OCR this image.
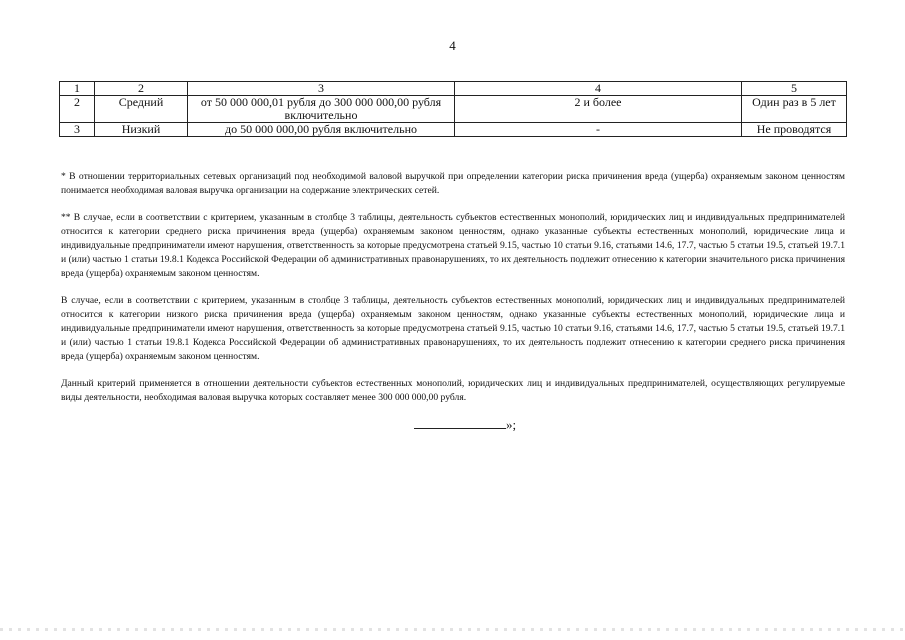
4
1	2	3	4	5
2	Средний	от 50 000 000,01 рубля до 300 000 000,00 рубля включительно	2 и более	Один раз в 5 лет
3	Низкий	до 50 000 000,00 рубля включительно	-	Не проводятся

* В отношении территориальных сетевых организаций под необходимой валовой выручкой при определении категории риска причинения вреда (ущерба) охраняемым законом ценностям понимается необходимая валовая выручка организации на содержание электрических сетей.

** В случае, если в соответствии с критерием, указанным в столбце 3 таблицы, деятельность субъектов естественных монополий, юридических лиц и индивидуальных предпринимателей относится к категории среднего риска причинения вреда (ущерба) охраняемым законом ценностям, однако указанные субъекты естественных монополий, юридические лица и индивидуальные предприниматели имеют нарушения, ответственность за которые предусмотрена статьей 9.15, частью 10 статьи 9.16, статьями 14.6, 17.7, частью 5 статьи 19.5, статьей 19.7.1 и (или) частью 1 статьи 19.8.1 Кодекса Российской Федерации об административных правонарушениях, то их деятельность подлежит отнесению к категории значительного риска причинения вреда (ущерба) охраняемым законом ценностям.

В случае, если в соответствии с критерием, указанным в столбце 3 таблицы, деятельность субъектов естественных монополий, юридических лиц и индивидуальных предпринимателей относится к категории низкого риска причинения вреда (ущерба) охраняемым законом ценностям, однако указанные субъекты естественных монополий, юридические лица и индивидуальные предприниматели имеют нарушения, ответственность за которые предусмотрена статьей 9.15, частью 10 статьи 9.16, статьями 14.6, 17.7, частью 5 статьи 19.5, статьей 19.7.1 и (или) частью 1 статьи 19.8.1 Кодекса Российской Федерации об административных правонарушениях, то их деятельность подлежит отнесению к категории среднего риска причинения вреда (ущерба) охраняемым законом ценностям.

Данный критерий применяется в отношении деятельности субъектов естественных монополий, юридических лиц и индивидуальных предпринимателей, осуществляющих регулируемые виды деятельности, необходимая валовая выручка которых составляет менее 300 000 000,00 рубля.

»;
